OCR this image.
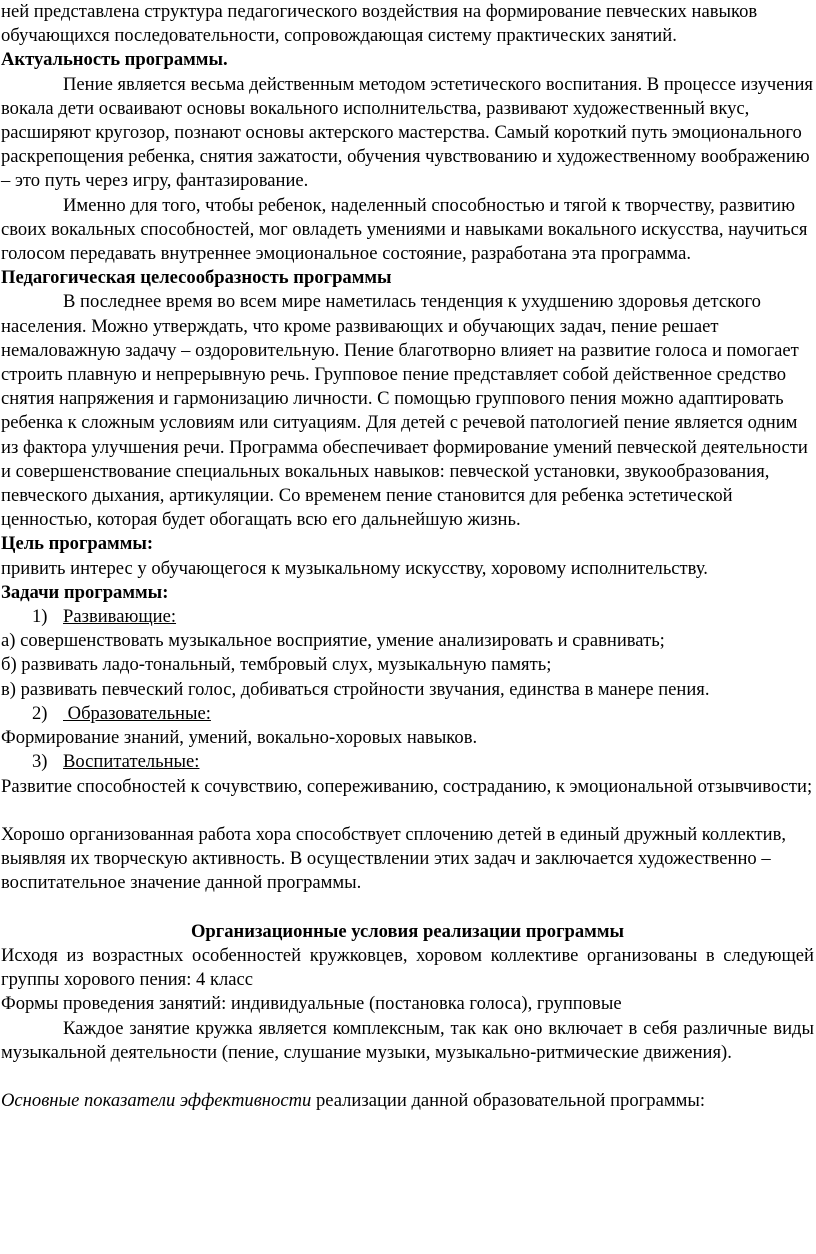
ней представлена структура педагогического воздействия на формирование певческих навыков обучающихся последовательности, сопровождающая систему практических занятий.

Актуальность программы.

Пение является весьма действенным методом эстетического воспитания. В процессе изучения вокала дети осваивают основы вокального исполнительства, развивают художественный вкус, расширяют кругозор, познают основы актерского мастерства. Самый короткий путь эмоционального раскрепощения ребенка, снятия зажатости, обучения чувствованию и художественному воображению – это путь через игру, фантазирование.

Именно для того, чтобы ребенок, наделенный способностью и тягой к творчеству, развитию своих вокальных способностей, мог овладеть умениями и навыками вокального искусства, научиться голосом передавать внутреннее эмоциональное состояние, разработана эта программа.

Педагогическая целесообразность программы

В последнее время во всем мире наметилась тенденция к ухудшению здоровья детского населения. Можно утверждать, что кроме развивающих и обучающих задач, пение решает немаловажную задачу – оздоровительную. Пение благотворно влияет на развитие голоса и помогает строить плавную и непрерывную речь. Групповое пение представляет собой действенное средство снятия напряжения и гармонизацию личности. С помощью группового пения можно адаптировать ребенка к сложным условиям или ситуациям. Для детей с речевой патологией пение является одним из фактора улучшения речи. Программа обеспечивает формирование умений певческой деятельности и совершенствование специальных вокальных навыков: певческой установки, звукообразования, певческого дыхания, артикуляции. Со временем пение становится для ребенка эстетической ценностью, которая будет обогащать всю его дальнейшую жизнь.

Цель программы:

привить интерес у обучающегося к музыкальному искусству, хоровому исполнительству.

Задачи программы:

1) Развивающие:

а) совершенствовать музыкальное восприятие, умение анализировать и сравнивать;

б) развивать ладо-тональный, тембровый слух, музыкальную память;

в) развивать певческий голос, добиваться стройности звучания, единства в манере пения.

2) Образовательные:

Формирование знаний, умений, вокально-хоровых навыков.

3) Воспитательные:

Развитие способностей к сочувствию, сопереживанию, состраданию, к эмоциональной отзывчивости;

Хорошо организованная работа хора способствует сплочению детей в единый дружный коллектив, выявляя их творческую активность. В осуществлении этих задач и заключается художественно – воспитательное значение данной программы.

Организационные условия реализации программы

Исходя из возрастных особенностей кружковцев, хоровом коллективе организованы в следующей группы хорового пения: 4 класс

Формы проведения занятий: индивидуальные (постановка голоса), групповые

Каждое занятие кружка является комплексным, так как оно включает в себя различные виды музыкальной деятельности (пение, слушание музыки, музыкально-ритмические движения).

Основные показатели эффективности реализации данной образовательной программы:
